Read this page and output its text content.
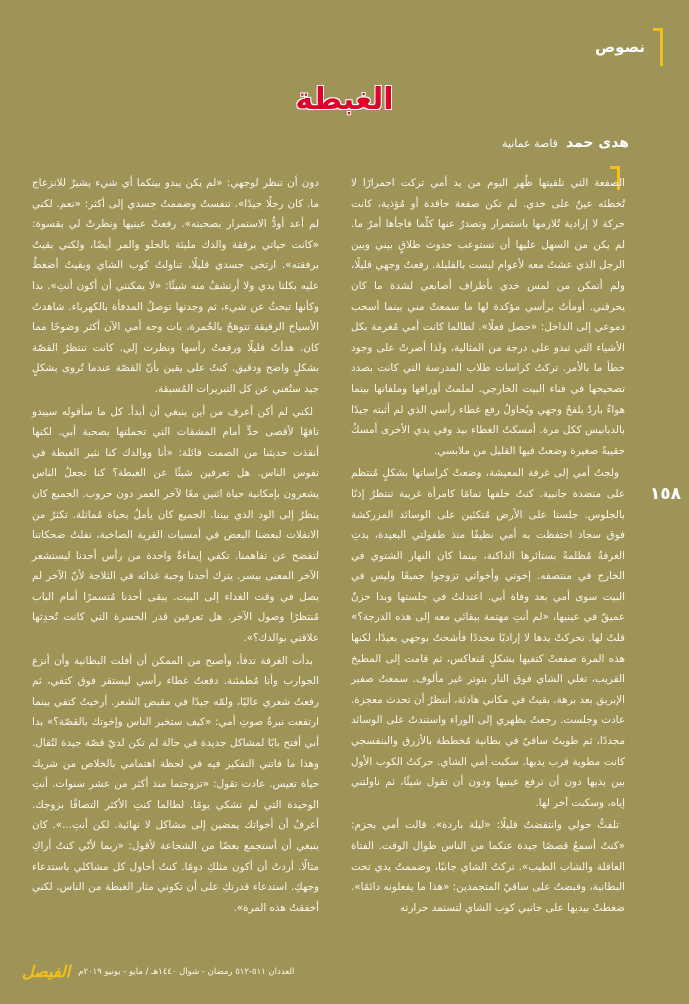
نصوص
الغبطة
هدى حمد
قاصة عمانية

الصفعة التي تلقيتها ظُهر اليوم من يد أمي تركت احمرارًا لا تُخطئه عينٌ على خدي. لم تكن صفعة حاقدة أو مُؤذية، كانت حركة لا إرادية تُلازمها باستمرار وتصدرُ عنها كلّما فاجأها أمرٌ ما. لم يكن من السهل عليها أن تستوعب حدوث طلاقٍ بيني وبين الرجل الذي عشتُ معه لأعوام ليست بالقليلة. رفعتُ وجهي قليلًا، ولم أتمكن من لمس خدي بأطراف أصابعي لشدة ما كان يحرقني. أومأتُ برأسي مؤكدة لها ما سمعتْ مني بينما أسحب دموعي إلى الداخل: «حصل فعلًا». لطالما كانت أمي مُغرمة بكل الأشياء التي تبدو على درجة من المثالية، ولذا أصرتْ على وجود خطأ ما بالأمر. تركتُ كراسات طلاب المدرسة التي كانت بصدد تصحيحها في فناء البيت الخارجي. لملمتُ أوراقها وملفاتها بينما هواءٌ باردٌ يلفحُ وجهي ويُحاولُ رفع غطاء رأسي الذي لم أثبته جيدًا بالدبابيس ككل مرة. أمسكتُ الغطاء بيد وفي يدي الأخرى أمسكُ حقيبةً صغيرة وضعتُ فيها القليل من ملابسي.

ولجتُ أمي إلى غرفة المعيشة، وضعتْ كراساتها بشكلٍ مُنتظم على منضدة جانبية. كنتُ خلفها تمامًا كامرأة غريبة تنتظرُ إذنًا بالجلوس. جلستا على الأرض مُتكئين على الوسائد المزركشة فوق سجاد احتفظت به أمي نظيفًا منذ طفولتي البعيدة، بدتِ الغرفةُ مُظلمةً بستائرها الداكنة، بينما كان النهار الشتوي في الخارج في منتصفه. إخوتي وأخواتي تزوجوا جميعًا وليس في البيت سوى أمي بعد وفاة أبي. اعتدلتُ في جلستها وبدا حزنٌ عميقٌ في عينيها، «لم أنتِ مهتمة ببقائي معه إلى هذه الدرجة؟» قلتُ لها. تحركتْ يدها لا إراديًا مجددًا فأشحتُ بوجهي بعيدًا، لكنها هذه المرة صفعتْ كتفيها بشكلٍ مُتعاكس، ثم قامت إلى المطبخ القريب، تغلي الشاي فوق النار بتوتر غير مألوف. سمعتُ صفير الإبريق بعد برهة. بقيتُ في مكاني هادئة، أنتظرُ أن تحدث معجزة. عادت وجلست. رجعتُ بظهري إلى الوراء واستندتُ على الوسائد مجددًا، ثم طويتُ ساقيّ في بطانية مُخططة بالأزرق والبنفسجي كانت مطوية قرب يديها. سكبت أمي الشاي. حركتُ الكوب الأول بين يديها دون أن ترفع عينيها ودون أن تقول شيئًا، ثم ناولتني إياه، وسكبت آخر لها.

تلفتُّ حولي وانتفضتُ قليلًا: «ليلة باردة». قالت أمي بحزم: «كنتُ أسمعُ قصصًا جيدة عنكما من الناس طوال الوقت. الفتاة العاقلة والشاب الطيب». تركتُ الشاي جانبًا، وضممتُ يدي تحت البطانية، وقبضتُ على ساقيّ المتجمدين: «هذا ما يفعلونه دائمًا». ضغطتْ بيديها على جانبي كوب الشاي لتستمد حرارته

دون أن تنظر لوجهي: «لم يكن يبدو بينكما أي شيء يشيرُ للانزعاج ما. كان رجلًا جيدًا». تنفستُ وضممتُ جسدي إلى أكثر: «نعم. لكني لم أعد أودُّ الاستمرار بصحبته». رفعتْ عينيها ونظرتْ لي بقسوة: «كانت حياتي برفقة والدك مليئة بالحلو والمر أيضًا، ولكني بقيتُ برفقته». ارتخى جسدي قليلًا، تناولتُ كوب الشاي وبقيتُ أضغطُ عليه بكلتا يدي ولا أرتشفُ منه شيئًا: «لا يمكنني أن أكون أنتِ». بدا وكأنها تبحثُ عن شيء، ثم وجدتها توصلُ المدفأة بالكهرباء. شاهدتُ الأسياخ الرقيقة تتوهجُ بالحُمرة، بات وجه أمي الآن أكثر وضوحًا مما كان. هدأتُ قليلًا ورفعتُ رأسها ونظرت إلي. كانت تنتظرُ القصّة بشكلٍ واضح ودقيق. كنتُ على يقين بأنّ القصّة عندما تُروى بشكلٍ جيد ستُغني عن كل التبريرات المُسبقة.

لكني لم أكن أعرف من أين ينبغي أن أبدأ. كل ما سأقوله سيبدو تافهًا لأقصى حدٍّ أمام المشقات التي تحملتها بصحبة أبي. لكنها أنقذت حديثنا من الصمت قائلة: «أنا ووالدك كنا نثير الغبطة في نفوس الناس. هل تعرفين شيئًا عن الغبطة؟ كنا نجعلُ الناس يشعرون بإمكانية حياة اثنين معًا لآخر العمر دون حروب. الجميع كان ينظرُ إلى الود الذي بيننا. الجميع كان يأملُ بحياة مُماثلة. تكثرُ من الانفلات لبعضنا البعض في أمسيات القرية الصاخبة، نفلتُ ضحكاتنا لتفضح عن تفاهمنا. تكفي إيماءةٌ واحدة من رأس أحدنا ليستشعر الآخر المعنى بيسر. يترك أحدنا وجبة غدائه في الثلاجة لأنّ الآخر لم يصل في وقت الغداء إلى البيت. يبقى أحدنا مُتسمرًا أمام الباب مُنتظرًا وصول الآخر. هل تعرفين قدر الحسرة التي كانت تُحدِثها علاقتي بوالدك؟».

بدأت الغرفة تدفأ، وأصبح من الممكن أن أفلت البطانية وأن أنزع الجوارب وأنا مُطمئنة. دفعتُ غطاء رأسي ليستقر فوق كتفي، ثم رفعتُ شعري عاليًا، ولمّه جيدًا في مقبض الشعر. أرخيتُ كتفي بينما ارتفعت نبرةُ صوتِ أمي: «كيف ستخبر الناس وإخوتك بالقصّة؟» بدا أني أفتح بابًا لمشاكل جديدة في حالة لم تكن لديّ قصّة جيدة لتُقال. وهذا ما فاتني التفكير فيه في لحظة اهتمامي بالخلاص من شريك حياة تعيس. عادت تقول: «تزوجتما منذ أكثر من عشر سنوات. أنتِ الوحيدة التي لم تشكي يومًا. لطالما كنتِ الأكثر التصاقًا بزوجك. أعرفُ أن أخواتك يمضين إلى مشاكل لا نهائية. لكن أنتِ...». كان ينبغي أن أستجمع بعضًا من الشجاعة لأقول: «ربما لأنّي كنتُ أراكِ مثالًا. أردتُ أن أكون مثلكِ دومًا. كنتُ أحاول كل مشاكلي باستدعاء وجهكِ. استدعاء قدرتكِ على أن تكوني مثار الغبطة من الناس، لكني أخفقتُ هذه المرة».

١٥٨
الفيصل العددان ٥١١-٥١٢ رمضان - شوال ١٤٤٠هـ / مايو - يونيو ٢٠١٩م
